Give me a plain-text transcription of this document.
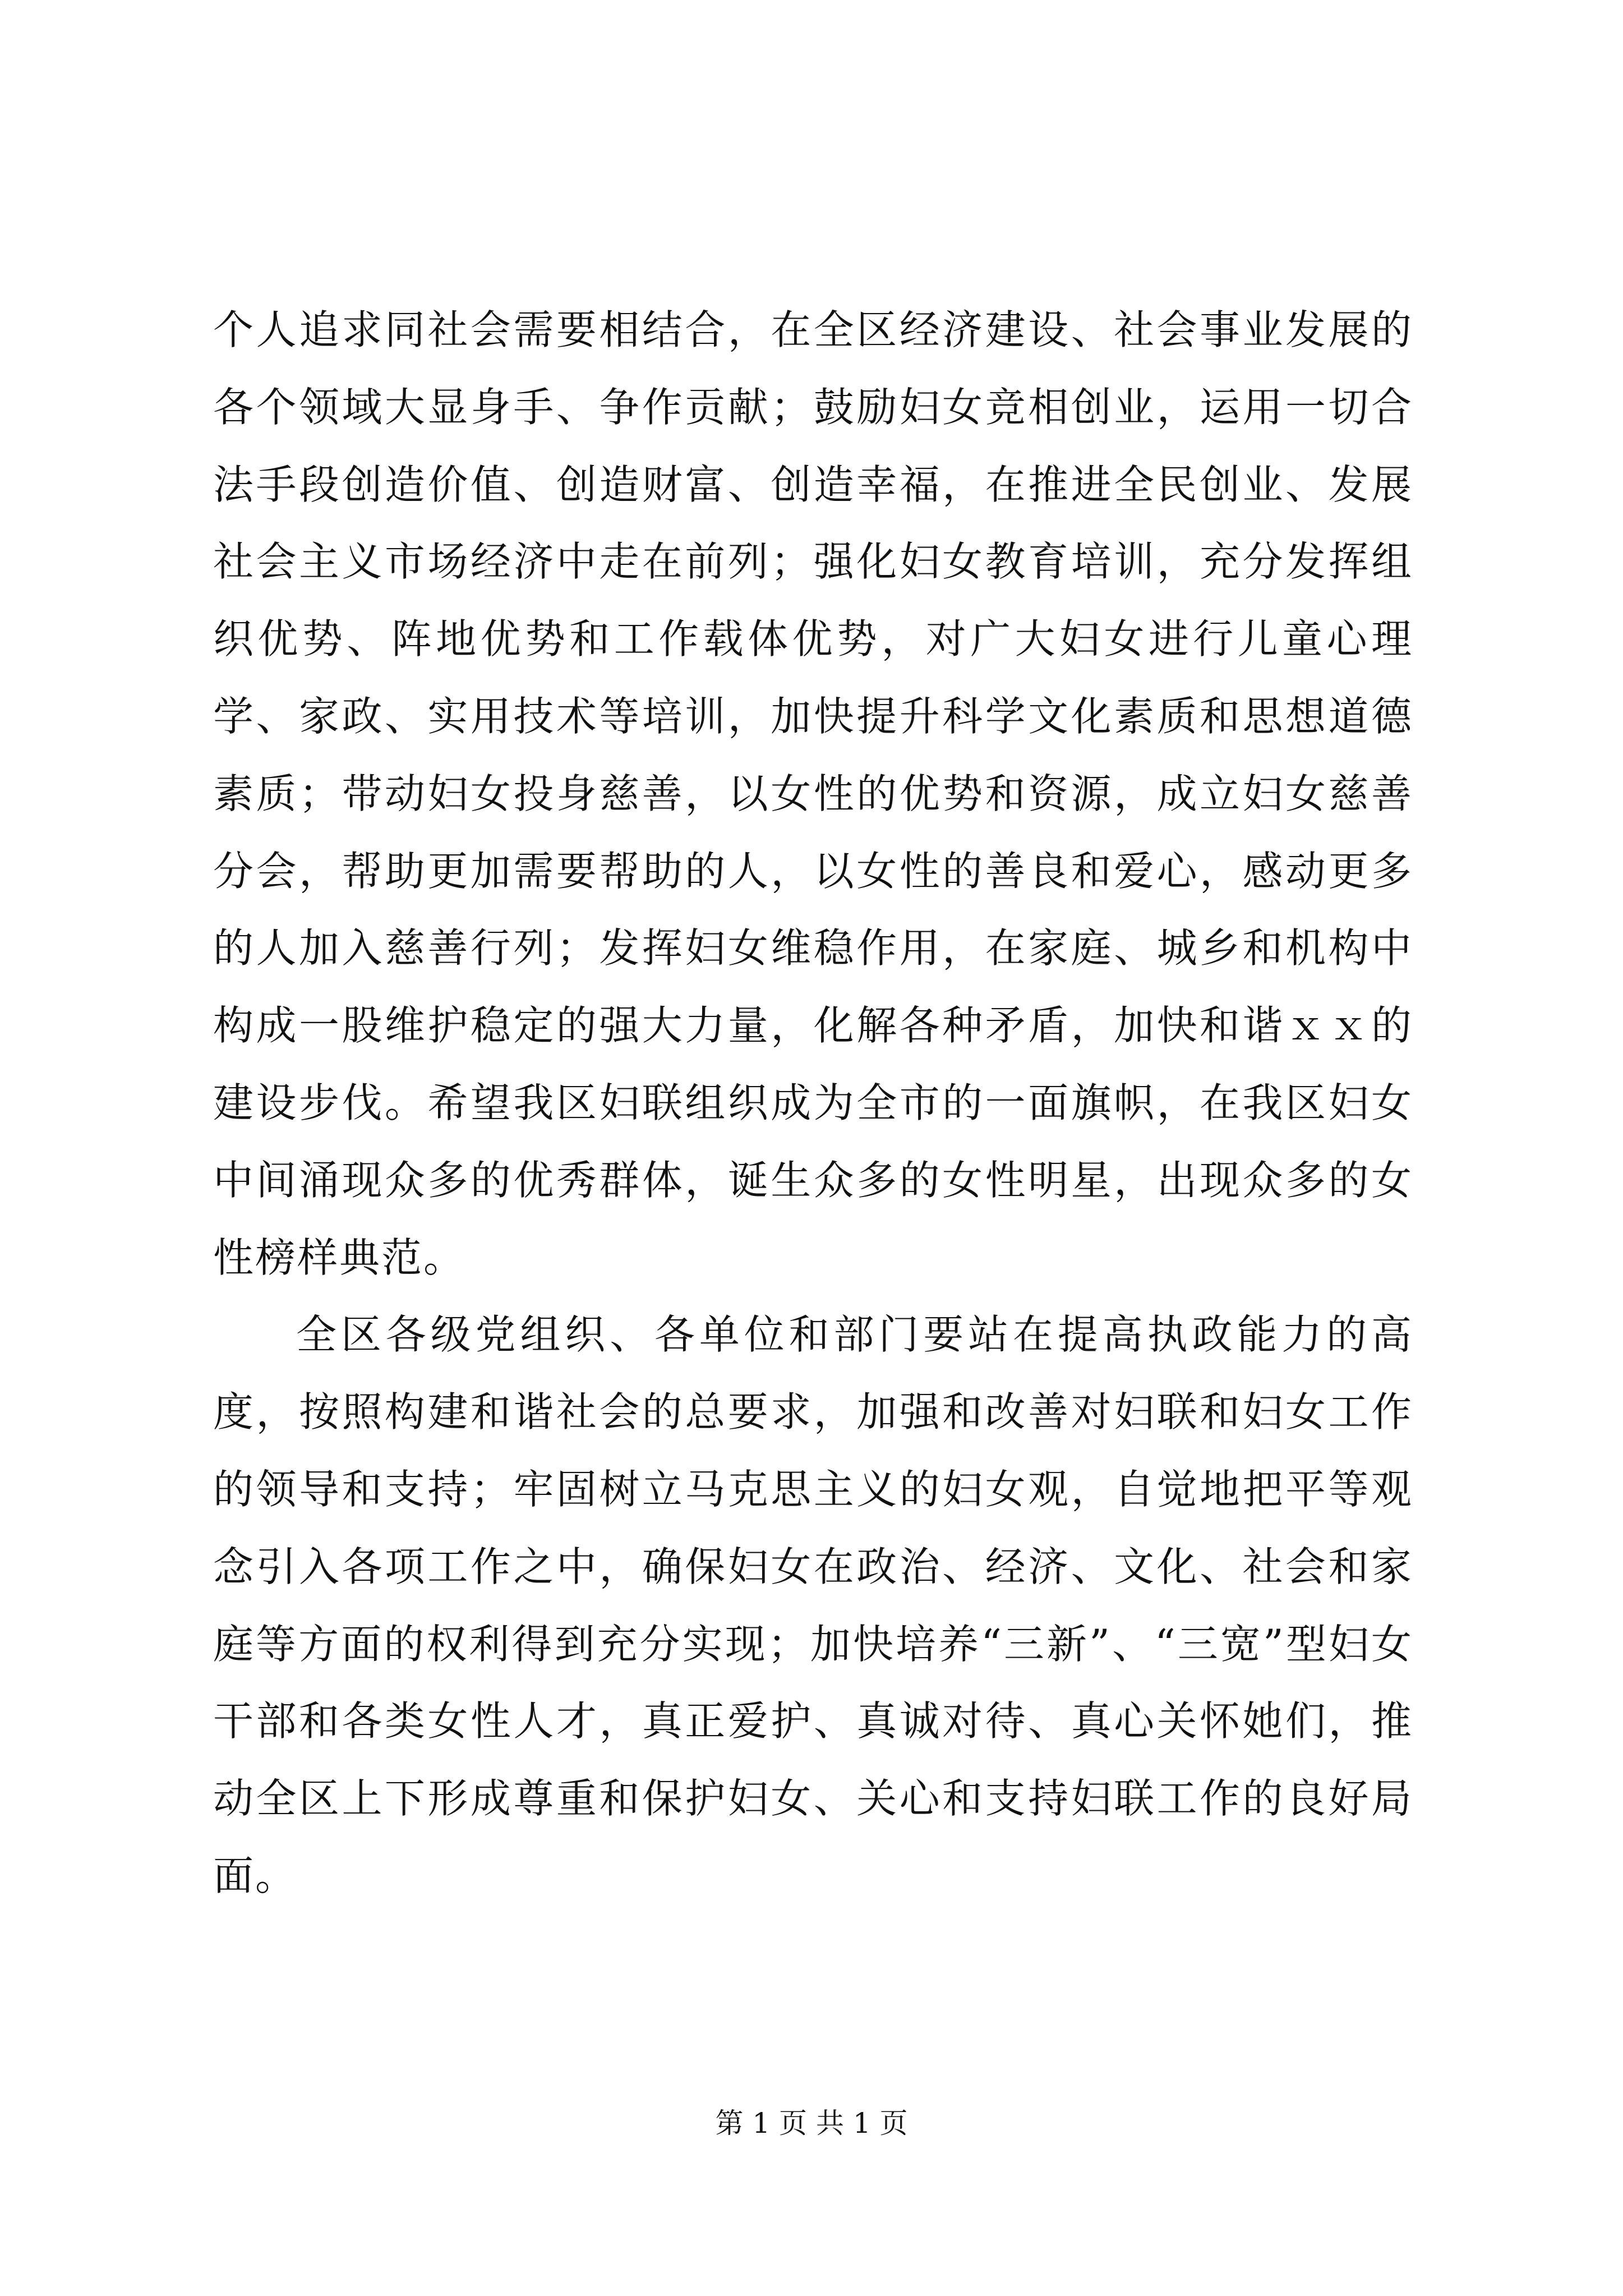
个人追求同社会需要相结合，在全区经济建设、社会事业发展的各个领域大显身手、争作贡献；鼓励妇女竞相创业，运用一切合法手段创造价值、创造财富、创造幸福，在推进全民创业、发展社会主义市场经济中走在前列；强化妇女教育培训，充分发挥组织优势、阵地优势和工作载体优势，对广大妇女进行儿童心理学、家政、实用技术等培训，加快提升科学文化素质和思想道德素质；带动妇女投身慈善，以女性的优势和资源，成立妇女慈善分会，帮助更加需要帮助的人，以女性的善良和爱心，感动更多的人加入慈善行列；发挥妇女维稳作用，在家庭、城乡和机构中构成一股维护稳定的强大力量，化解各种矛盾，加快和谐ｘｘ的建设步伐。希望我区妇联组织成为全市的一面旗帜，在我区妇女中间涌现众多的优秀群体，诞生众多的女性明星，出现众多的女性榜样典范。

全区各级党组织、各单位和部门要站在提高执政能力的高度，按照构建和谐社会的总要求，加强和改善对妇联和妇女工作的领导和支持；牢固树立马克思主义的妇女观，自觉地把平等观念引入各项工作之中，确保妇女在政治、经济、文化、社会和家庭等方面的权利得到充分实现；加快培养“三新”、“三宽”型妇女干部和各类女性人才，真正爱护、真诚对待、真心关怀她们，推动全区上下形成尊重和保护妇女、关心和支持妇联工作的良好局面。

第 1 页 共 1 页
